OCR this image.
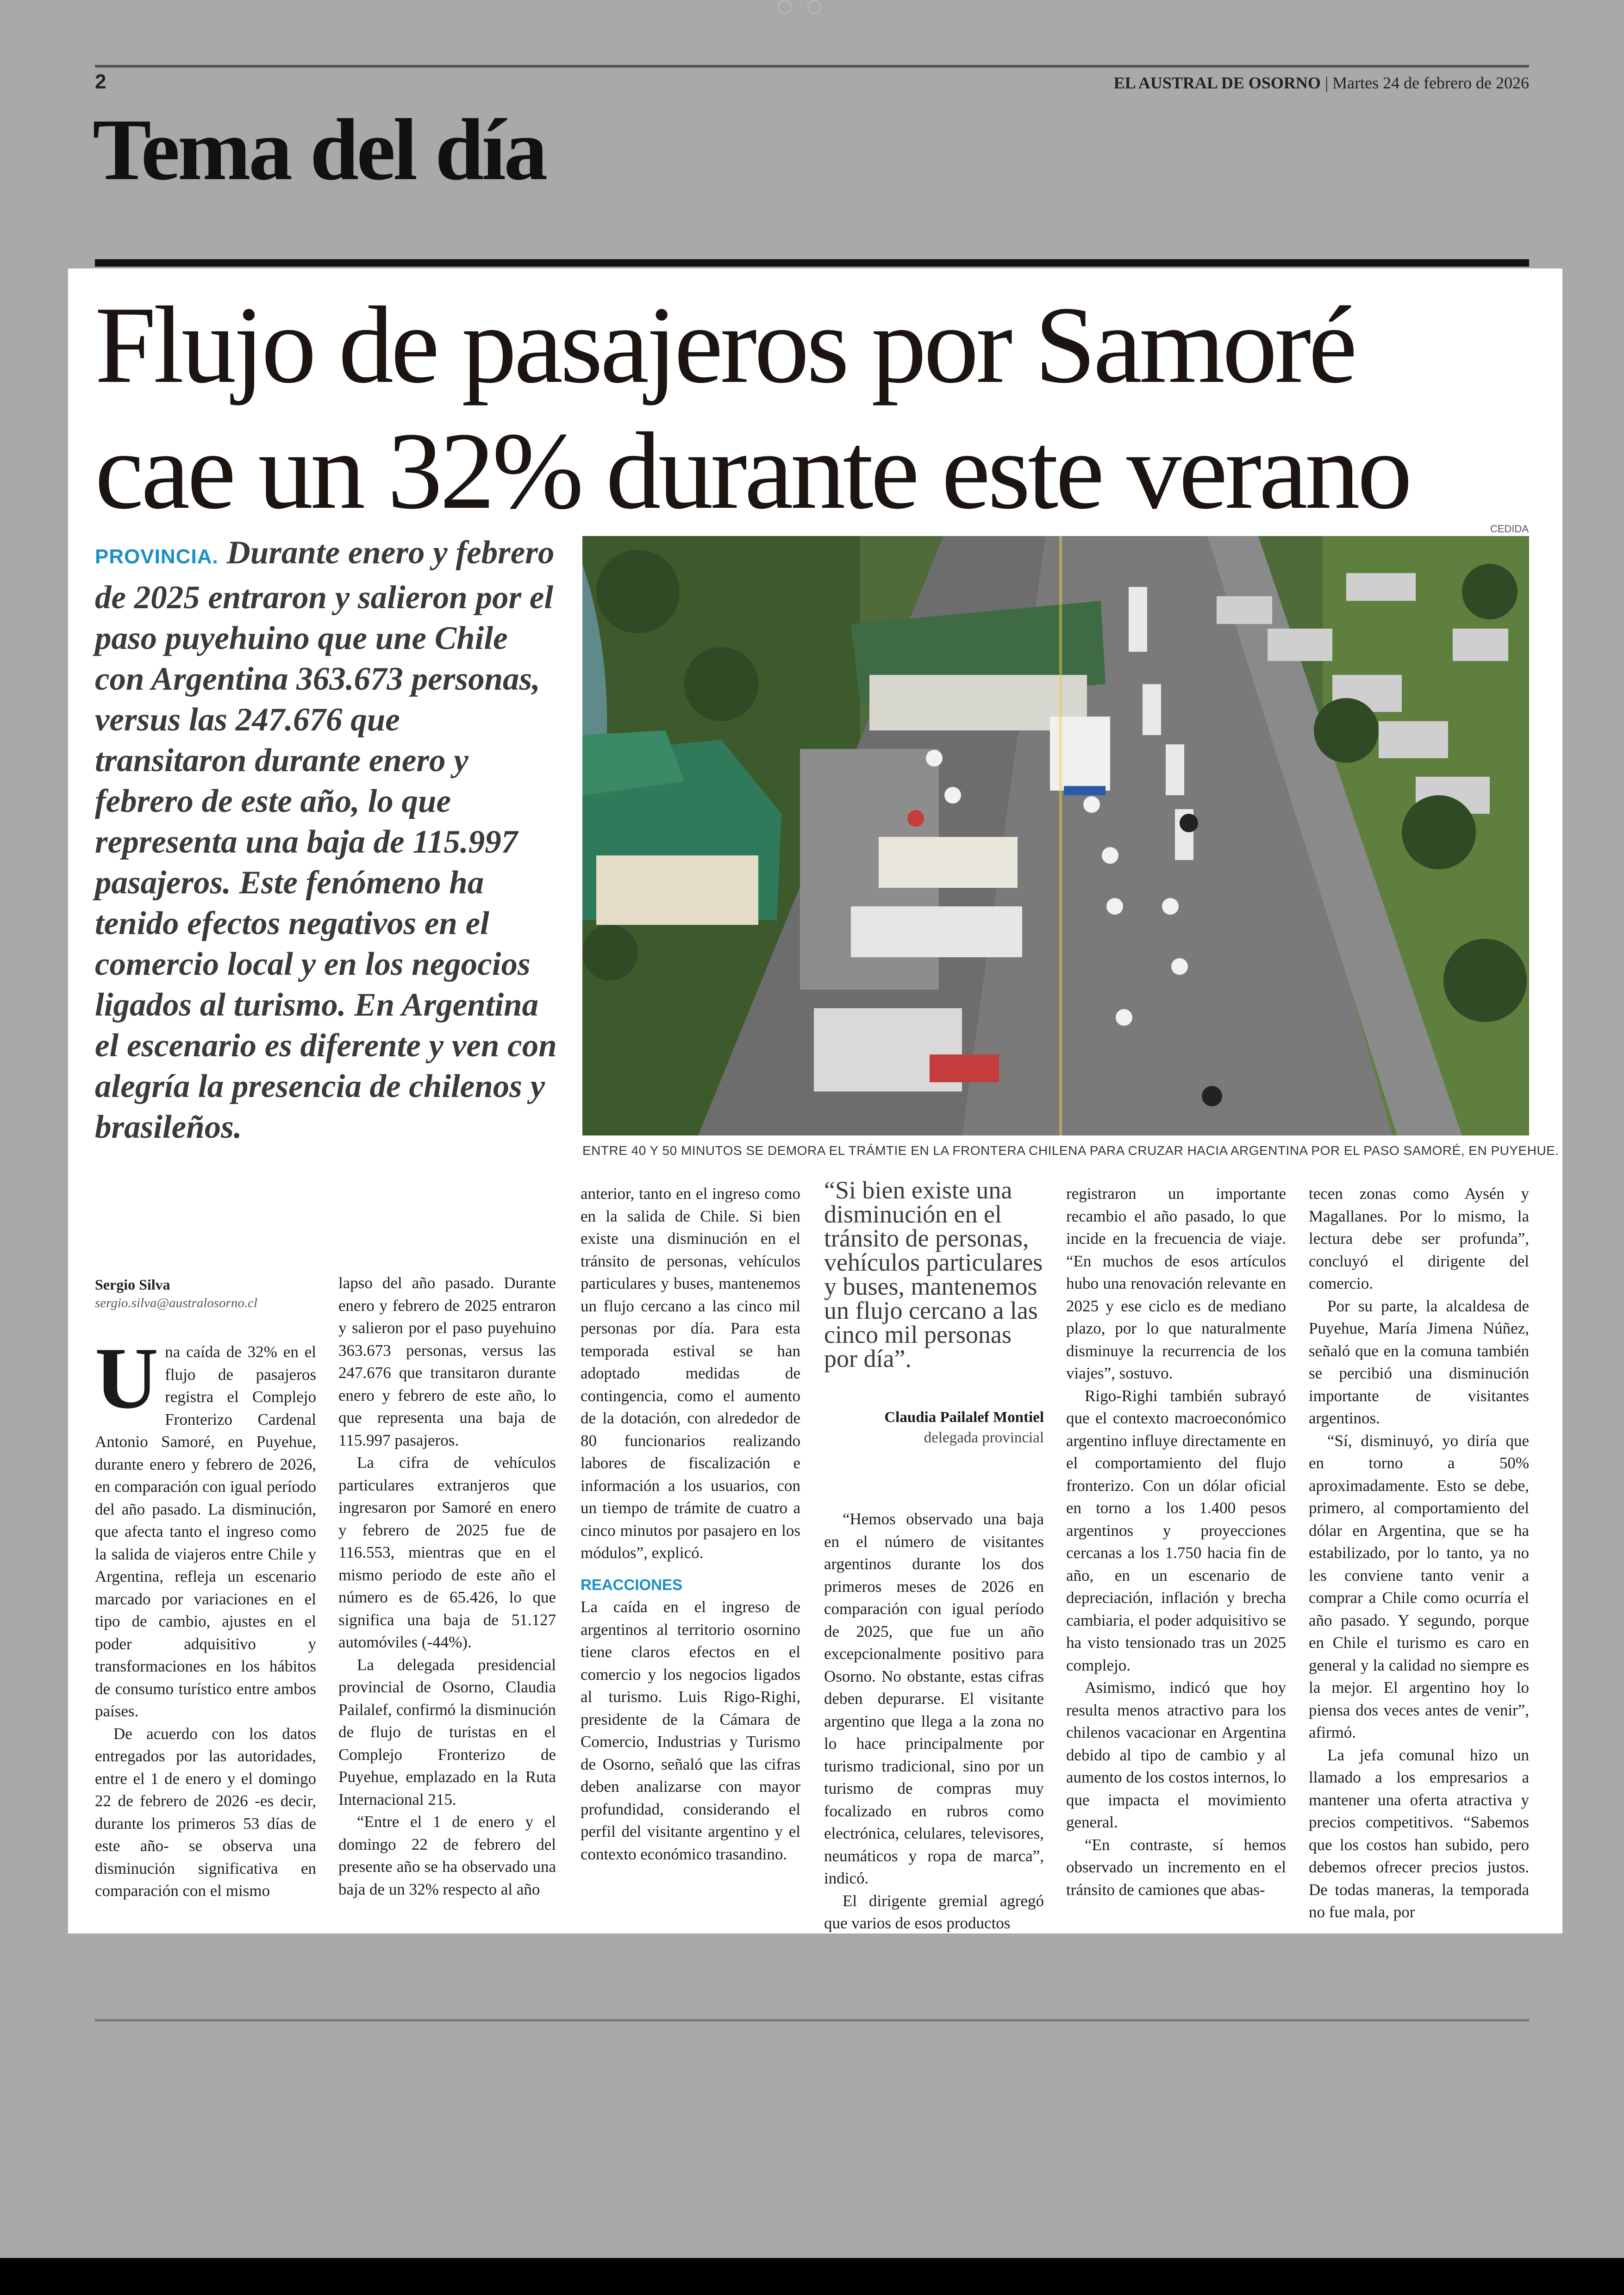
2	EL AUSTRAL DE OSORNO | Martes 24 de febrero de 2026
Tema del día
Flujo de pasajeros por Samoré
cae un 32% durante este verano
PROVINCIA. Durante enero y febrero de 2025 entraron y salieron por el paso puyehuino que une Chile con Argentina 363.673 personas, versus las 247.676 que transitaron durante enero y febrero de este año, lo que representa una baja de 115.997 pasajeros. Este fenómeno ha tenido efectos negativos en el comercio local y en los negocios ligados al turismo. En Argentina el escenario es diferente y ven con alegría la presencia de chilenos y brasileños.
CEDIDA
ENTRE 40 Y 50 MINUTOS SE DEMORA EL TRÁMTIE EN LA FRONTERA CHILENA PARA CRUZAR HACIA ARGENTINA POR EL PASO SAMORÉ, EN PUYEHUE.
Sergio Silva
sergio.silva@australosorno.cl
U na caída de 32% en el flujo de pasajeros registra el Complejo Fronterizo Cardenal Antonio Samoré, en Puyehue, durante enero y febrero de 2026, en comparación con igual período del año pasado. La disminución, que afecta tanto el ingreso como la salida de viajeros entre Chile y Argentina, refleja un escenario marcado por variaciones en el tipo de cambio, ajustes en el poder adquisitivo y transformaciones en los hábitos de consumo turístico entre ambos países.

De acuerdo con los datos entregados por las autoridades, entre el 1 de enero y el domingo 22 de febrero de 2026 -es decir, durante los primeros 53 días de este año- se observa una disminución significativa en comparación con el mismo

lapso del año pasado. Durante enero y febrero de 2025 entraron y salieron por el paso puyehuino 363.673 personas, versus las 247.676 que transitaron durante enero y febrero de este año, lo que representa una baja de 115.997 pasajeros.

La cifra de vehículos particulares extranjeros que ingresaron por Samoré en enero y febrero de 2025 fue de 116.553, mientras que en el mismo periodo de este año el número es de 65.426, lo que significa una baja de 51.127 automóviles (-44%).

La delegada presidencial provincial de Osorno, Claudia Pailalef, confirmó la disminución de flujo de turistas en el Complejo Fronterizo de Puyehue, emplazado en la Ruta Internacional 215.

“Entre el 1 de enero y el domingo 22 de febrero del presente año se ha observado una baja de un 32% respecto al año

anterior, tanto en el ingreso como en la salida de Chile. Si bien existe una disminución en el tránsito de personas, vehículos particulares y buses, mantenemos un flujo cercano a las cinco mil personas por día. Para esta temporada estival se han adoptado medidas de contingencia, como el aumento de la dotación, con alrededor de 80 funcionarios realizando labores de fiscalización e información a los usuarios, con un tiempo de trámite de cuatro a cinco minutos por pasajero en los módulos”, explicó.

REACCIONES

La caída en el ingreso de argentinos al territorio osornino tiene claros efectos en el comercio y los negocios ligados al turismo. Luis Rigo-Righi, presidente de la Cámara de Comercio, Industrias y Turismo de Osorno, señaló que las cifras deben analizarse con mayor profundidad, considerando el perfil del visitante argentino y el contexto económico trasandino.

“Si bien existe una disminución en el tránsito de personas, vehículos particulares y buses, mantenemos un flujo cercano a las cinco mil personas por día”.
Claudia Pailalef Montiel
delegada provincial

“Hemos observado una baja en el número de visitantes argentinos durante los dos primeros meses de 2026 en comparación con igual período de 2025, que fue un año excepcionalmente positivo para Osorno. No obstante, estas cifras deben depurarse. El visitante argentino que llega a la zona no lo hace principalmente por turismo tradicional, sino por un turismo de compras muy focalizado en rubros como electrónica, celulares, televisores, neumáticos y ropa de marca”, indicó.

El dirigente gremial agregó que varios de esos productos

registraron un importante recambio el año pasado, lo que incide en la frecuencia de viaje. “En muchos de esos artículos hubo una renovación relevante en 2025 y ese ciclo es de mediano plazo, por lo que naturalmente disminuye la recurrencia de los viajes”, sostuvo.

Rigo-Righi también subrayó que el contexto macroeconómico argentino influye directamente en el comportamiento del flujo fronterizo. Con un dólar oficial en torno a los 1.400 pesos argentinos y proyecciones cercanas a los 1.750 hacia fin de año, en un escenario de depreciación, inflación y brecha cambiaria, el poder adquisitivo se ha visto tensionado tras un 2025 complejo.

Asimismo, indicó que hoy resulta menos atractivo para los chilenos vacacionar en Argentina debido al tipo de cambio y al aumento de los costos internos, lo que impacta el movimiento general.

“En contraste, sí hemos observado un incremento en el tránsito de camiones que abas-

tecen zonas como Aysén y Magallanes. Por lo mismo, la lectura debe ser profunda”, concluyó el dirigente del comercio.

Por su parte, la alcaldesa de Puyehue, María Jimena Núñez, señaló que en la comuna también se percibió una disminución importante de visitantes argentinos.

“Sí, disminuyó, yo diría que en torno a 50% aproximadamente. Esto se debe, primero, al comportamiento del dólar en Argentina, que se ha estabilizado, por lo tanto, ya no les conviene tanto venir a comprar a Chile como ocurría el año pasado. Y segundo, porque en Chile el turismo es caro en general y la calidad no siempre es la mejor. El argentino hoy lo piensa dos veces antes de venir”, afirmó.

La jefa comunal hizo un llamado a los empresarios a mantener una oferta atractiva y precios competitivos. “Sabemos que los costos han subido, pero debemos ofrecer precios justos. De todas maneras, la temporada no fue mala, por
